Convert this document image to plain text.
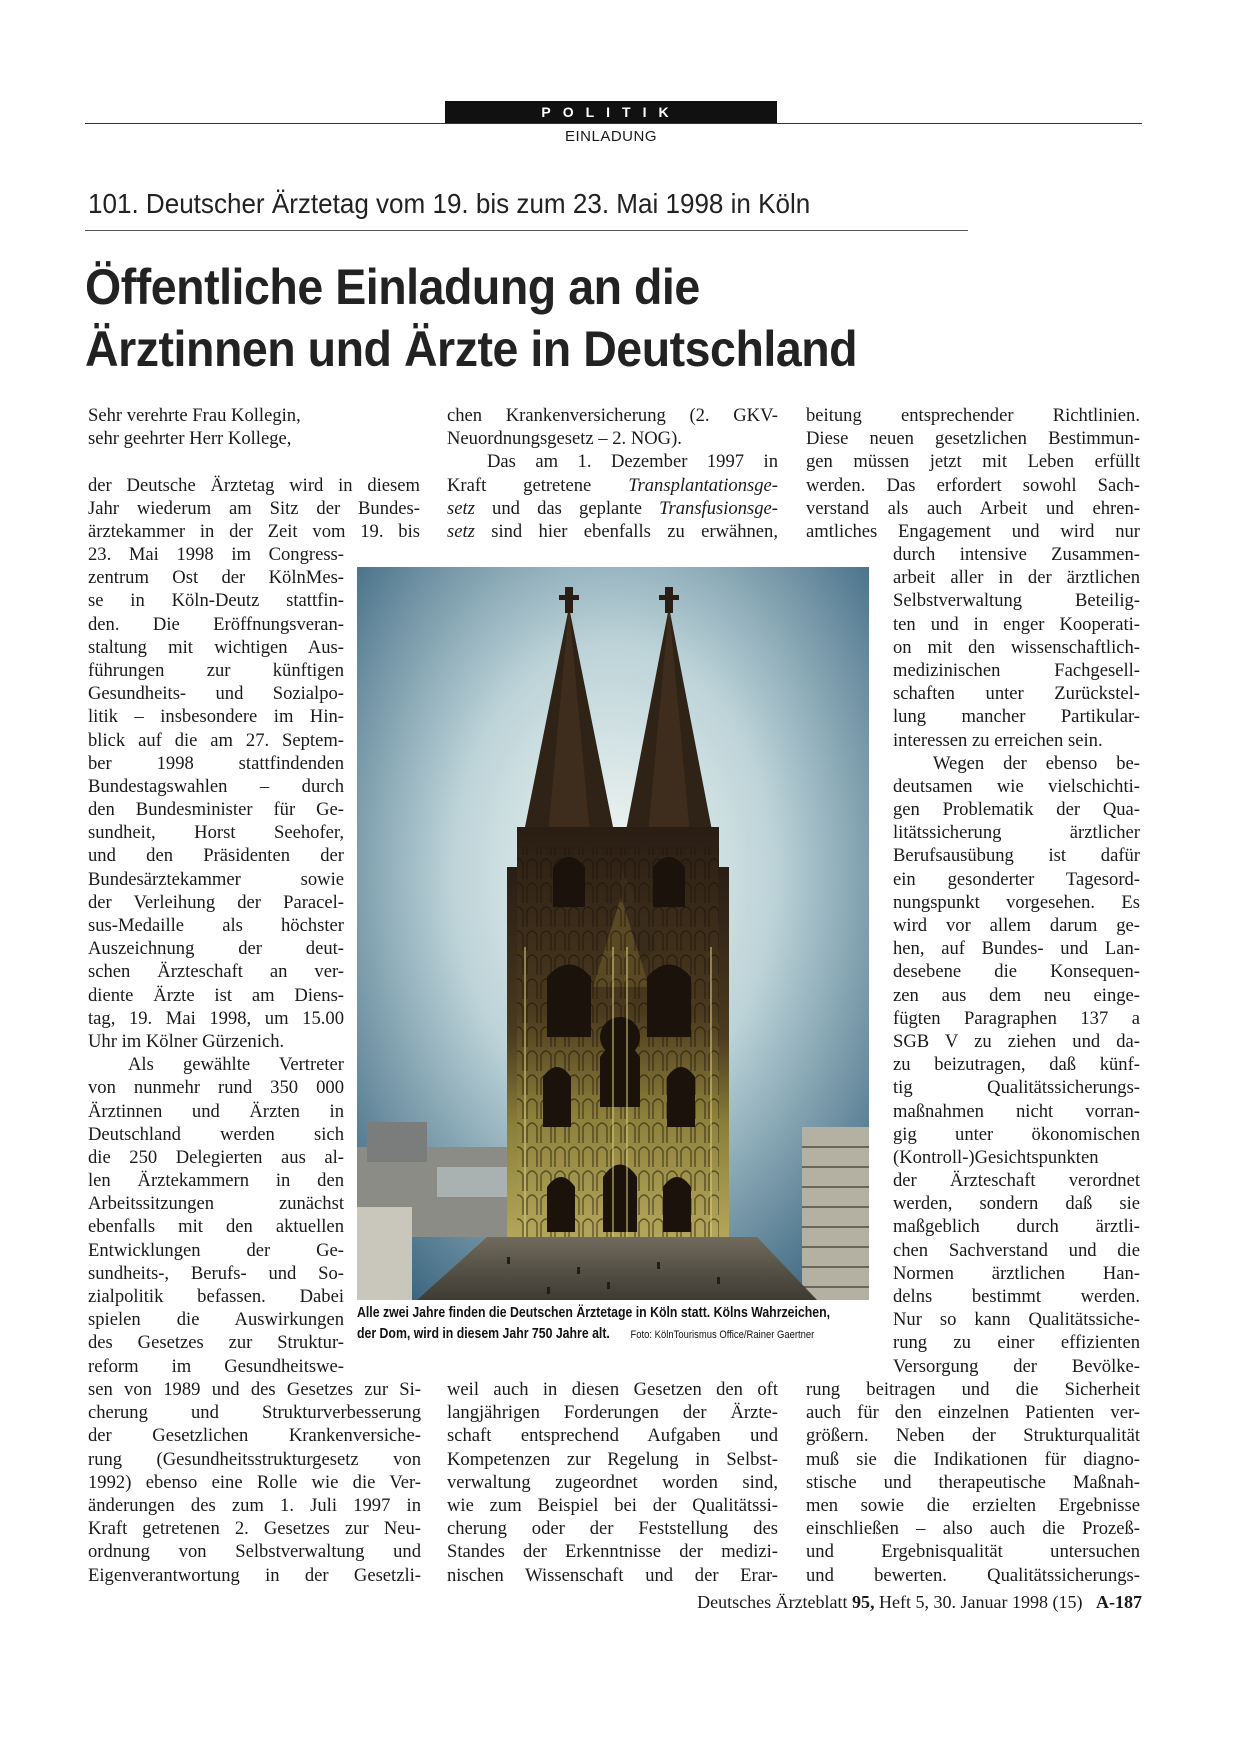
POLITIK
EINLADUNG
101. Deutscher Ärztetag vom 19. bis zum 23. Mai 1998 in Köln
Öffentliche Einladung an die
Ärztinnen und Ärzte in Deutschland
Sehr verehrte Frau Kollegin,
sehr geehrter Herr Kollege,
der Deutsche Ärztetag wird in diesem
Jahr wiederum am Sitz der Bundes-
ärztekammer in der Zeit vom 19. bis
23. Mai 1998 im Congress-
zentrum Ost der KölnMes-
se in Köln-Deutz stattfin-
den. Die Eröffnungsveran-
staltung mit wichtigen Aus-
führungen zur künftigen
Gesundheits- und Sozialpo-
litik – insbesondere im Hin-
blick auf die am 27. Septem-
ber 1998 stattfindenden
Bundestagswahlen – durch
den Bundesminister für Ge-
sundheit, Horst Seehofer,
und den Präsidenten der
Bundesärztekammer sowie
der Verleihung der Paracel-
sus-Medaille als höchster
Auszeichnung der deut-
schen Ärzteschaft an ver-
diente Ärzte ist am Diens-
tag, 19. Mai 1998, um 15.00
Uhr im Kölner Gürzenich.
Als gewählte Vertreter
von nunmehr rund 350 000
Ärztinnen und Ärzten in
Deutschland werden sich
die 250 Delegierten aus al-
len Ärztekammern in den
Arbeitssitzungen zunächst
ebenfalls mit den aktuellen
Entwicklungen der Ge-
sundheits-, Berufs- und So-
zialpolitik befassen. Dabei
spielen die Auswirkungen
des Gesetzes zur Struktur-
reform im Gesundheitswe-
sen von 1989 und des Gesetzes zur Si-
cherung und Strukturverbesserung
der Gesetzlichen Krankenversiche-
rung (Gesundheitsstrukturgesetz von
1992) ebenso eine Rolle wie die Ver-
änderungen des zum 1. Juli 1997 in
Kraft getretenen 2. Gesetzes zur Neu-
ordnung von Selbstverwaltung und
Eigenverantwortung in der Gesetzli-
chen Krankenversicherung (2. GKV-
Neuordnungsgesetz – 2. NOG).
Das am 1. Dezember 1997 in
Kraft getretene Transplantationsge-
setz und das geplante Transfusionsge-
setz sind hier ebenfalls zu erwähnen,
weil auch in diesen Gesetzen den oft
langjährigen Forderungen der Ärzte-
schaft entsprechend Aufgaben und
Kompetenzen zur Regelung in Selbst-
verwaltung zugeordnet worden sind,
wie zum Beispiel bei der Qualitätssi-
cherung oder der Feststellung des
Standes der Erkenntnisse der medizi-
nischen Wissenschaft und der Erar-
beitung entsprechender Richtlinien.
Diese neuen gesetzlichen Bestimmun-
gen müssen jetzt mit Leben erfüllt
werden. Das erfordert sowohl Sach-
verstand als auch Arbeit und ehren-
amtliches Engagement und wird nur
durch intensive Zusammen-
arbeit aller in der ärztlichen
Selbstverwaltung Beteilig-
ten und in enger Kooperati-
on mit den wissenschaftlich-
medizinischen Fachgesell-
schaften unter Zurückstel-
lung mancher Partikular-
interessen zu erreichen sein.
Wegen der ebenso be-
deutsamen wie vielschichti-
gen Problematik der Qua-
litätssicherung ärztlicher
Berufsausübung ist dafür
ein gesonderter Tagesord-
nungspunkt vorgesehen. Es
wird vor allem darum ge-
hen, auf Bundes- und Lan-
desebene die Konsequen-
zen aus dem neu einge-
fügten Paragraphen 137 a
SGB V zu ziehen und da-
zu beizutragen, daß künf-
tig Qualitätssicherungs-
maßnahmen nicht vorran-
gig unter ökonomischen
(Kontroll-)Gesichtspunkten
der Ärzteschaft verordnet
werden, sondern daß sie
maßgeblich durch ärztli-
chen Sachverstand und die
Normen ärztlichen Han-
delns bestimmt werden.
Nur so kann Qualitätssiche-
rung zu einer effizienten
Versorgung der Bevölke-
rung beitragen und die Sicherheit
auch für den einzelnen Patienten ver-
größern. Neben der Strukturqualität
muß sie die Indikationen für diagno-
stische und therapeutische Maßnah-
men sowie die erzielten Ergebnisse
einschließen – also auch die Prozeß-
und Ergebnisqualität untersuchen
und bewerten. Qualitätssicherungs-
Alle zwei Jahre finden die Deutschen Ärztetage in Köln statt. Kölns Wahrzeichen,
der Dom, wird in diesem Jahr 750 Jahre alt. Foto: KölnTourismus Office/Rainer Gaertner
Deutsches Ärzteblatt 95, Heft 5, 30. Januar 1998 (15) A-187
